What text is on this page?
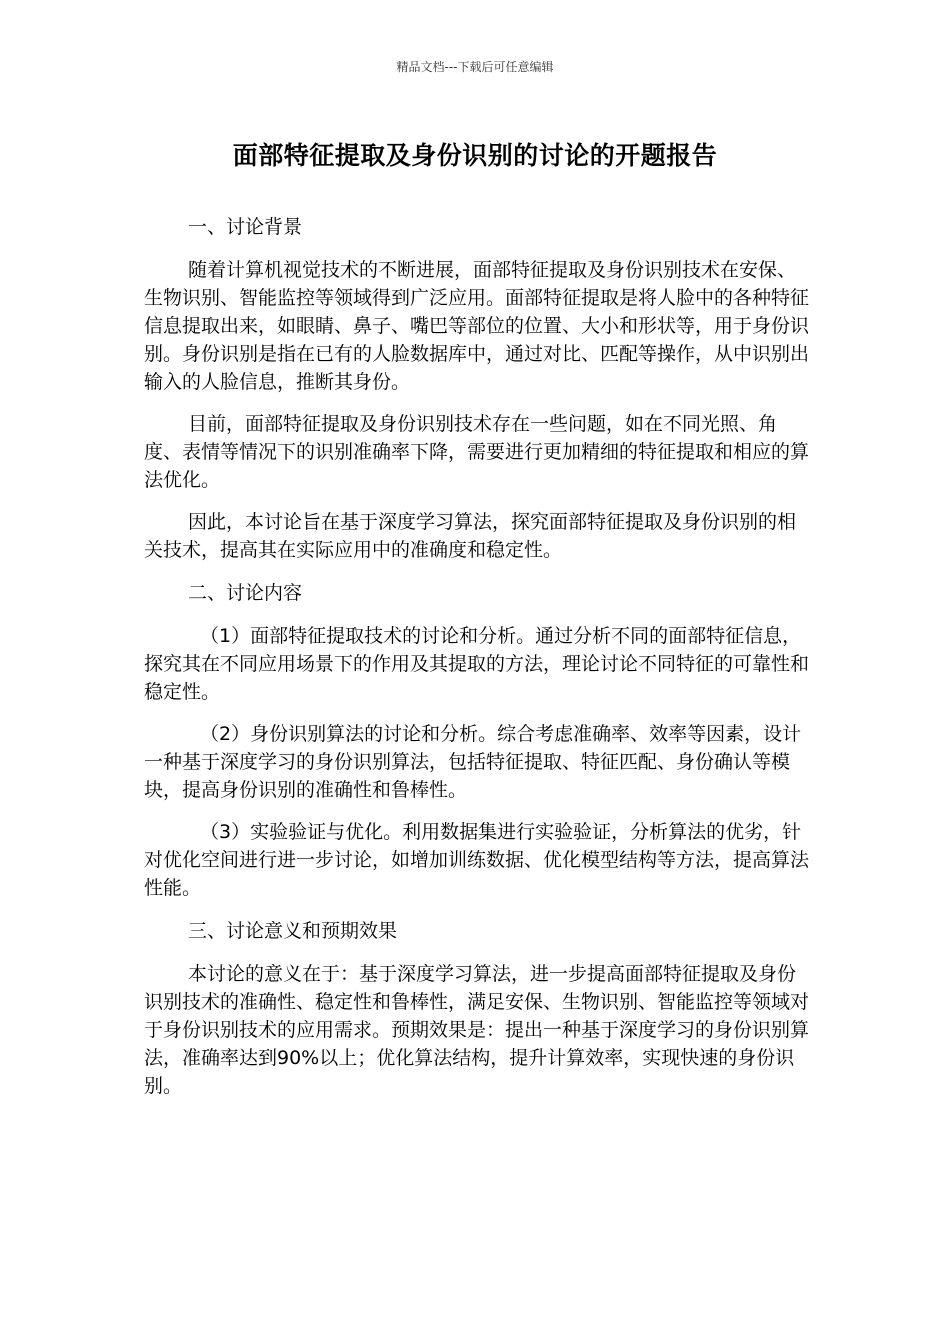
精品文档---下载后可任意编辑
面部特征提取及身份识别的讨论的开题报告
一、讨论背景

随着计算机视觉技术的不断进展，面部特征提取及身份识别技术在安保、生物识别、智能监控等领域得到广泛应用。面部特征提取是将人脸中的各种特征信息提取出来，如眼睛、鼻子、嘴巴等部位的位置、大小和形状等，用于身份识别。身份识别是指在已有的人脸数据库中，通过对比、匹配等操作，从中识别出输入的人脸信息，推断其身份。

目前，面部特征提取及身份识别技术存在一些问题，如在不同光照、角度、表情等情况下的识别准确率下降，需要进行更加精细的特征提取和相应的算法优化。

因此，本讨论旨在基于深度学习算法，探究面部特征提取及身份识别的相关技术，提高其在实际应用中的准确度和稳定性。

二、讨论内容

（1）面部特征提取技术的讨论和分析。通过分析不同的面部特征信息，探究其在不同应用场景下的作用及其提取的方法，理论讨论不同特征的可靠性和稳定性。

（2）身份识别算法的讨论和分析。综合考虑准确率、效率等因素，设计一种基于深度学习的身份识别算法，包括特征提取、特征匹配、身份确认等模块，提高身份识别的准确性和鲁棒性。

（3）实验验证与优化。利用数据集进行实验验证，分析算法的优劣，针对优化空间进行进一步讨论，如增加训练数据、优化模型结构等方法，提高算法性能。

三、讨论意义和预期效果

本讨论的意义在于：基于深度学习算法，进一步提高面部特征提取及身份识别技术的准确性、稳定性和鲁棒性，满足安保、生物识别、智能监控等领域对于身份识别技术的应用需求。预期效果是：提出一种基于深度学习的身份识别算法，准确率达到90%以上；优化算法结构，提升计算效率，实现快速的身份识别。
